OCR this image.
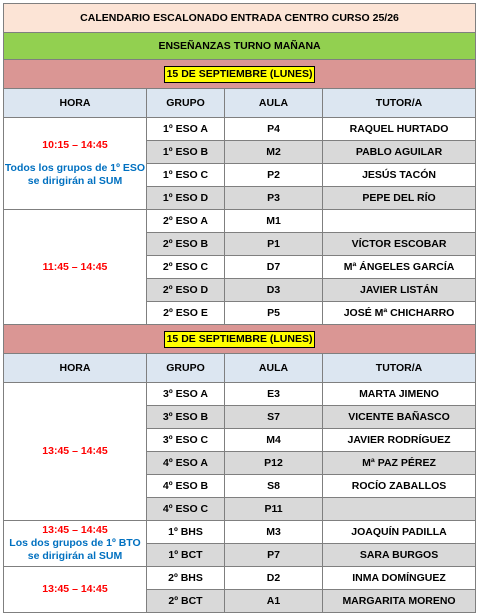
CALENDARIO ESCALONADO ENTRADA CENTRO CURSO 25/26			
ENSEÑANZAS TURNO MAÑANA			
15 DE SEPTIEMBRE (LUNES)			
HORA	GRUPO	AULA	TUTOR/A

10:15 – 14:45
Todos los grupos de 1º ESO se dirigirán al SUM	1º ESO A	P4	RAQUEL HURTADO
	1º ESO B	M2	PABLO AGUILAR
	1º ESO C	P2	JESÚS TACÓN
	1º ESO D	P3	PEPE DEL RÍO
11:45 – 14:45	2º ESO A	M1	
	2º ESO B	P1	VÍCTOR ESCOBAR
	2º ESO C	D7	Mª ÁNGELES GARCÍA
	2º ESO D	D3	JAVIER LISTÁN
	2º ESO E	P5	JOSÉ Mª CHICHARRO
15 DE SEPTIEMBRE (LUNES)			
HORA	GRUPO	AULA	TUTOR/A
13:45 – 14:45	3º ESO A	E3	MARTA JIMENO
	3º ESO B	S7	VICENTE BAÑASCO
	3º ESO C	M4	JAVIER RODRÍGUEZ
	4º ESO A	P12	Mª PAZ PÉREZ
	4º ESO B	S8	ROCÍO ZABALLOS
	4º ESO C	P11	

13:45 – 14:45
Los dos grupos de 1º BTO se dirigirán al SUM	1º BHS	M3	JOAQUÍN PADILLA
	1º BCT	P7	SARA BURGOS
13:45 – 14:45	2º BHS	D2	INMA DOMÍNGUEZ
	2º BCT	A1	MARGARITA MORENO
